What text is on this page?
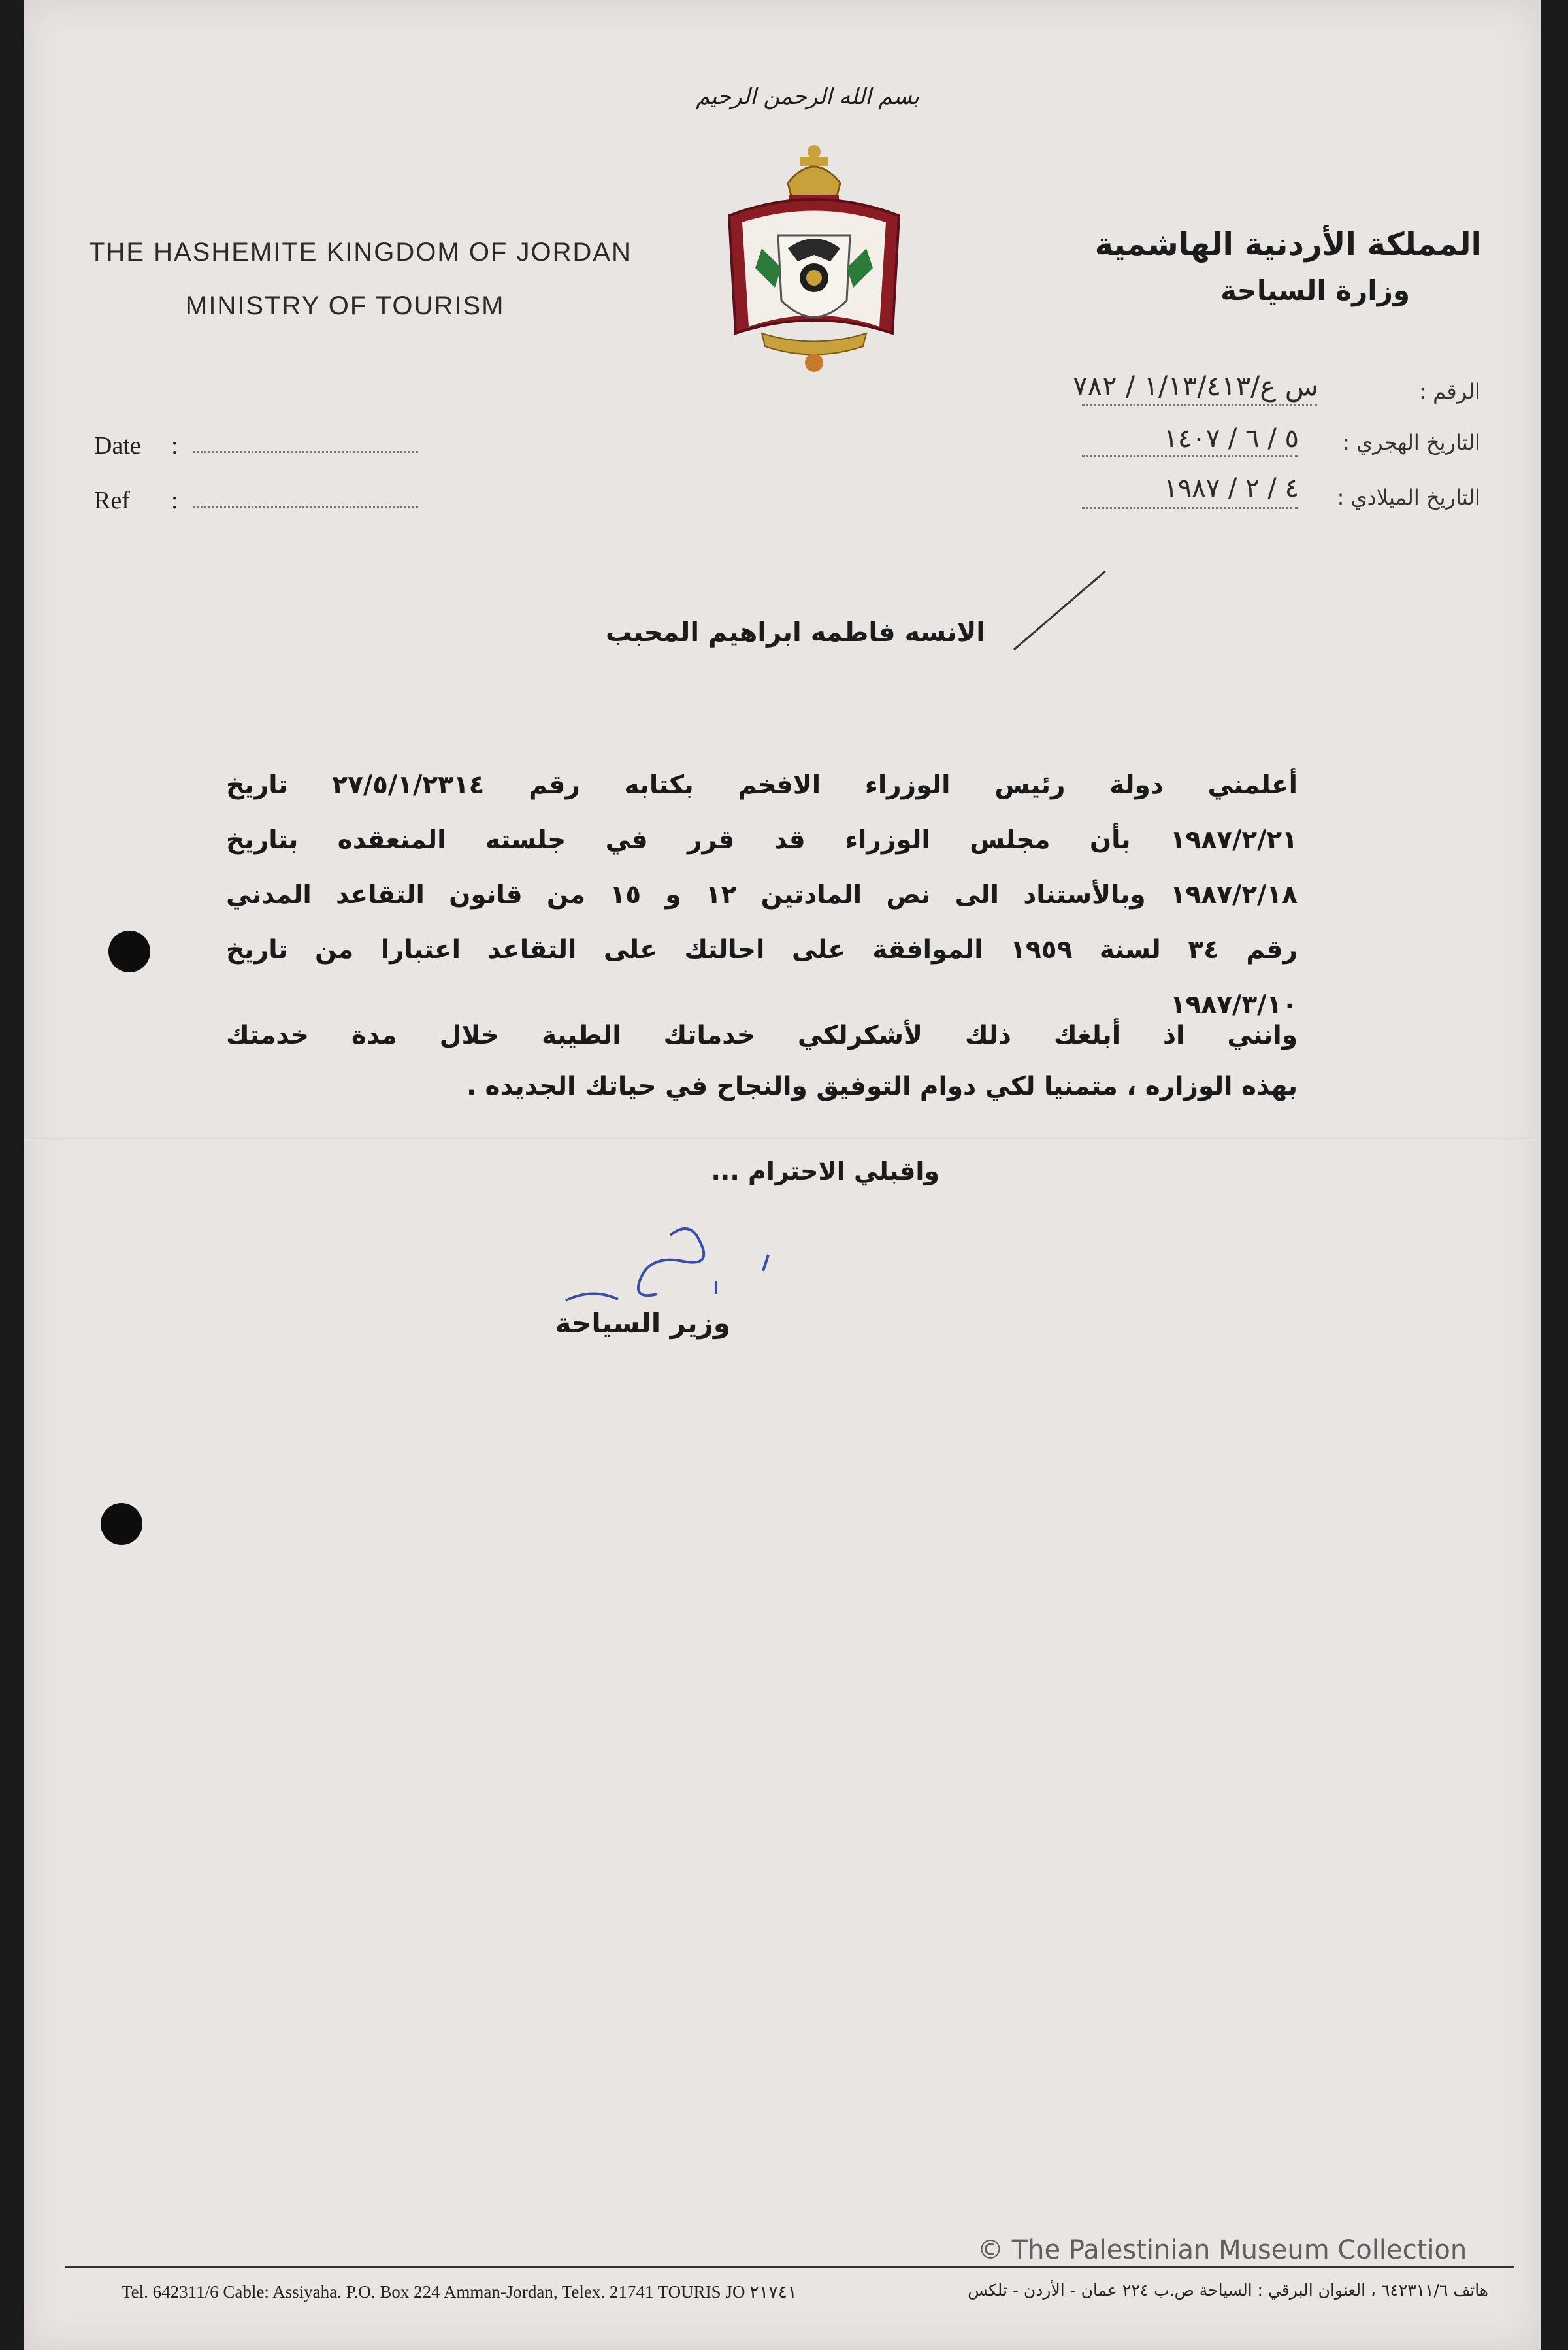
بسم الله الرحمن الرحيم
THE HASHEMITE KINGDOM OF JORDAN
MINISTRY OF TOURISM
المملكة الأردنية الهاشمية
وزارة السياحة
Date :
Ref :
الرقم :
س ع/١/١٣/٤١٣ / ٧٨٢
التاريخ الهجري :
٥ / ٦ / ١٤٠٧
التاريخ الميلادي :
٤ / ٢ / ١٩٨٧
الانسه فاطمه ابراهيم المحبب
أعلمني دولة رئيس الوزراء الافخم بكتابه رقم ٢٧/٥/١/٢٣١٤ تاريخ
١٩٨٧/٢/٢١ بأن مجلس الوزراء قد قرر في جلسته المنعقده بتاريخ
١٩٨٧/٢/١٨ وبالأستناد الى نص المادتين ١٢ و ١٥ من قانون التقاعد المدني
رقم ٣٤ لسنة ١٩٥٩ الموافقة على احالتك على التقاعد اعتبارا من تاريخ
١٩٨٧/٣/١٠
وانني اذ أبلغك ذلك لأشكرلكي خدماتك الطيبة خلال مدة خدمتك
بهذه الوزاره ، متمنيا لكي دوام التوفيق والنجاح في حياتك الجديده .
واقبلي الاحترام ...
وزير السياحة
Tel. 642311/6 Cable: Assiyaha. P.O. Box 224 Amman-Jordan, Telex. 21741 TOURIS JO ٢١٧٤١	هاتف ٦٤٢٣١١/٦ ، العنوان البرقي : السياحة ص.ب ٢٢٤ عمان - الأردن - تلكس
© The Palestinian Museum Collection
